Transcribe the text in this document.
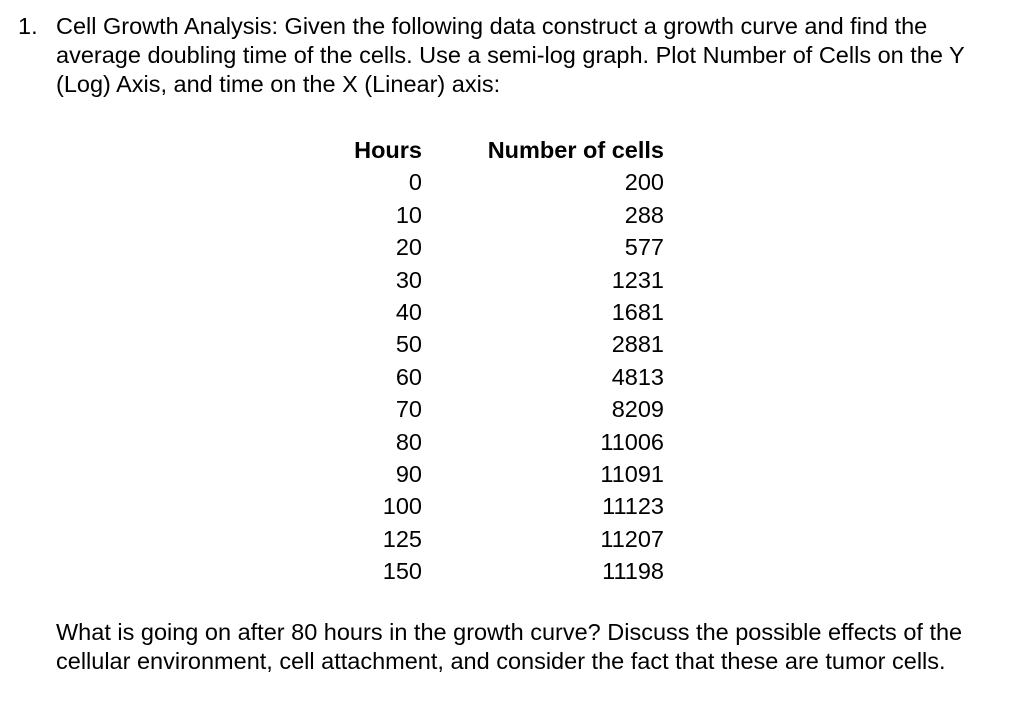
1. Cell Growth Analysis: Given the following data construct a growth curve and find the average doubling time of the cells. Use a semi-log graph. Plot Number of Cells on the Y (Log) Axis, and time on the X (Linear) axis:
Hours	Number of cells
0	200
10	288
20	577
30	1231
40	1681
50	2881
60	4813
70	8209
80	11006
90	11091
100	11123
125	11207
150	11198
What is going on after 80 hours in the growth curve? Discuss the possible effects of the cellular environment, cell attachment, and consider the fact that these are tumor cells.
